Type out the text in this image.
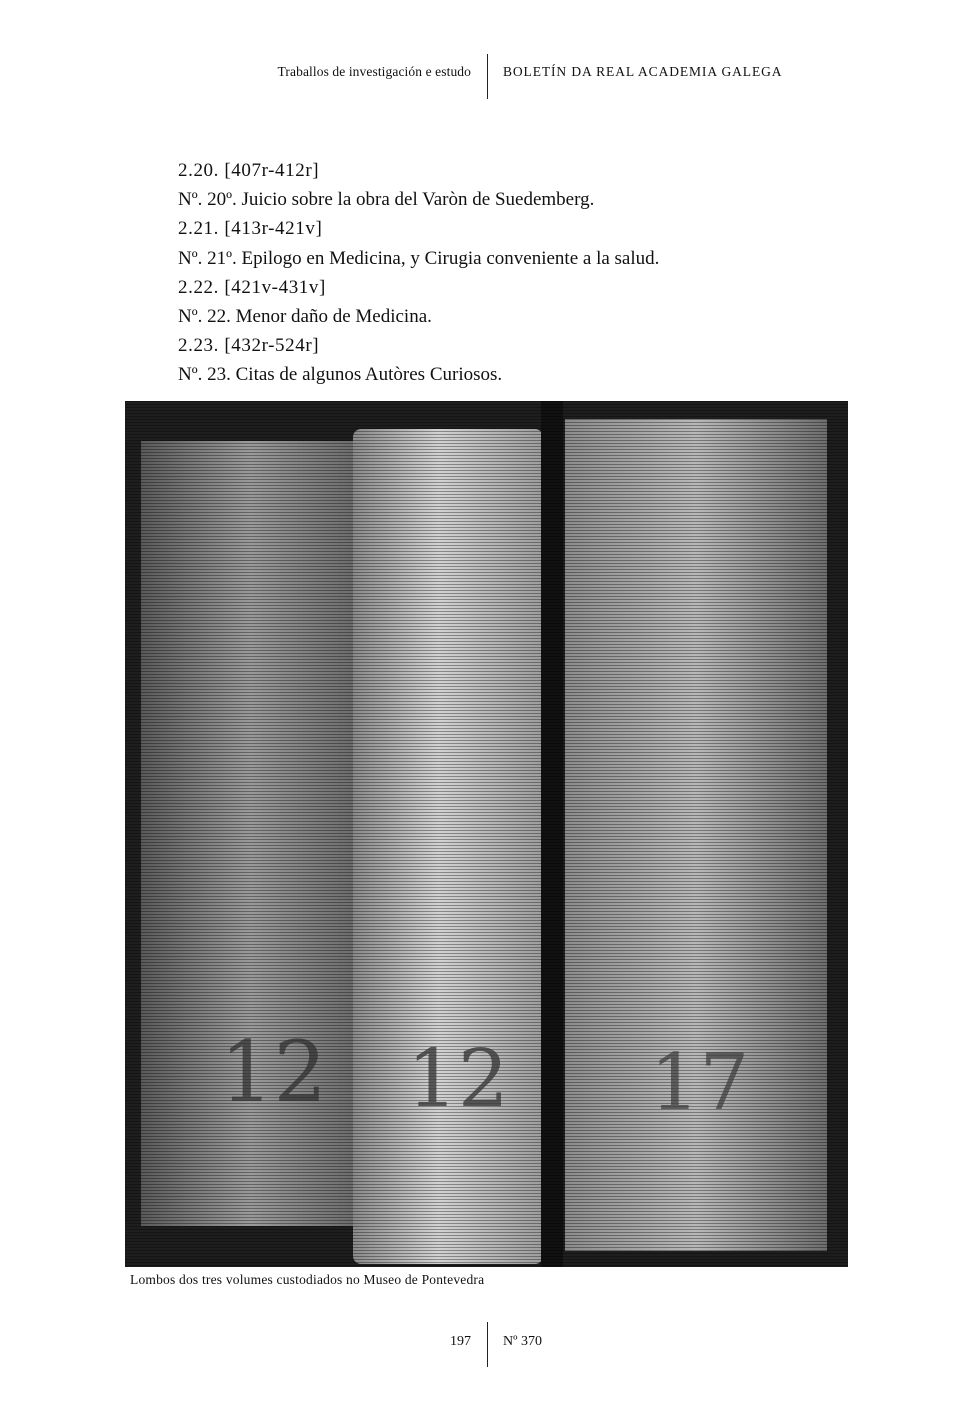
Traballos de investigación e estudo BOLETÍN DA REAL ACADEMIA GALEGA
2.20. [407r-412r]
Nº. 20º. Juicio sobre la obra del Varòn de Suedemberg.
2.21. [413r-421v]
Nº. 21º. Epilogo en Medicina, y Cirugia conveniente a la salud.
2.22. [421v-431v]
Nº. 22. Menor daño de Medicina.
2.23. [432r-524r]
Nº. 23. Citas de algunos Autòres Curiosos.
12 12 17
Lombos dos tres volumes custodiados no Museo de Pontevedra
197 Nº 370
